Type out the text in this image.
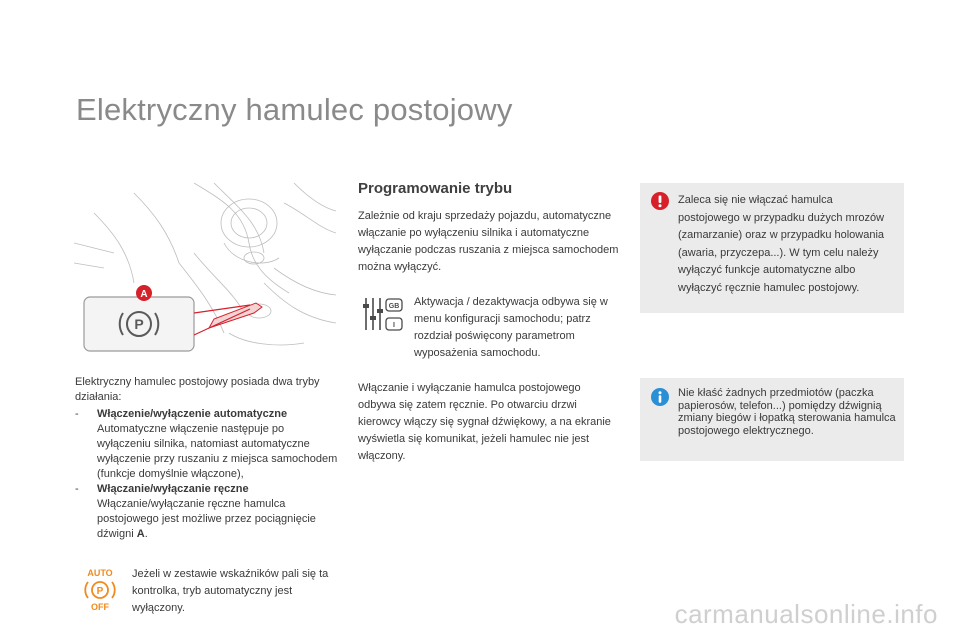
Elektryczny hamulec postojowy
P
A

Elektryczny hamulec postojowy posiada dwa tryby działania:

- Włączenie/wyłączenie automatyczne
Automatyczne włączenie następuje po wyłączeniu silnika, natomiast automatyczne wyłączenie przy ruszaniu z miejsca samochodem (funkcje domyślnie włączone),
- Włączanie/wyłączanie ręczne
Włączanie/wyłączanie ręczne hamulca postojowego jest możliwe przez pociągnięcie dźwigni A.
AUTO
P
OFF

Jeżeli w zestawie wskaźników pali się ta kontrolka, tryb automatyczny jest wyłączony.

Programowanie trybu

Zależnie od kraju sprzedaży pojazdu, automatyczne włączanie po wyłączeniu silnika i automatyczne wyłączanie podczas ruszania z miejsca samochodem można wyłączyć.

GB
I

Aktywacja / dezaktywacja odbywa się w menu konfiguracji samochodu; patrz rozdział poświęcony parametrom wyposażenia samochodu.

Włączanie i wyłączanie hamulca postojowego odbywa się zatem ręcznie. Po otwarciu drzwi kierowcy włączy się sygnał dźwiękowy, a na ekranie wyświetla się komunikat, jeżeli hamulec nie jest włączony.

Zaleca się nie włączać hamulca postojowego w przypadku dużych mrozów (zamarzanie) oraz w przypadku holowania (awaria, przyczepa...). W tym celu należy wyłączyć funkcje automatyczne albo wyłączyć ręcznie hamulec postojowy.

Nie kłaść żadnych przedmiotów (paczka papierosów, telefon...) pomiędzy dźwignią zmiany biegów i łopatką sterowania hamulca postojowego elektrycznego.

carmanualsonline.info
